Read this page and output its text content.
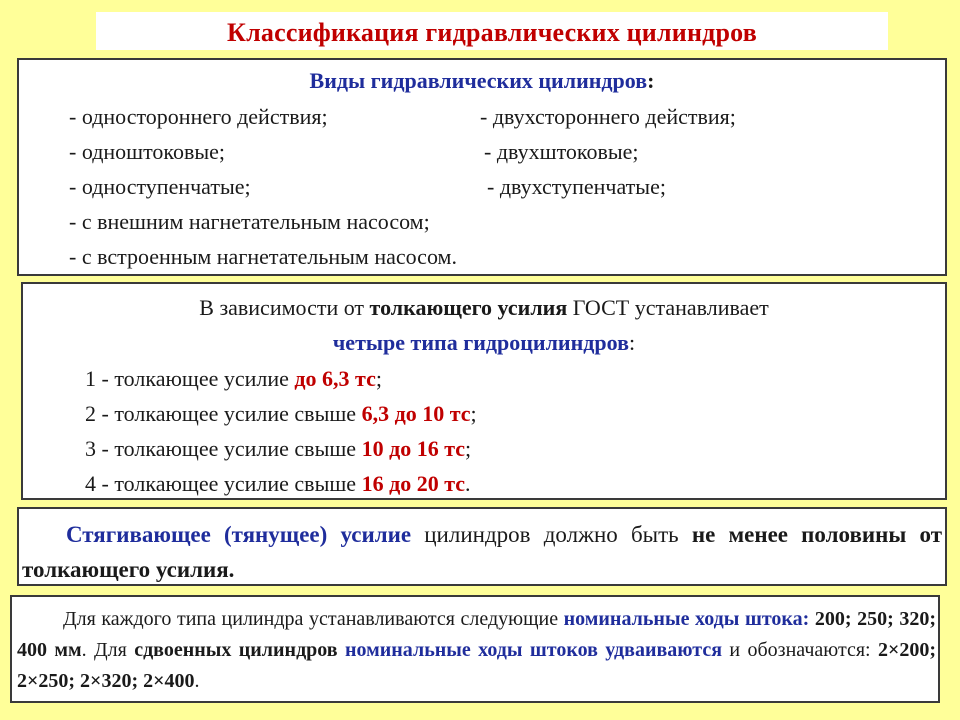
Классификация гидравлических цилиндров
Виды гидравлических цилиндров:
- одностороннего действия;	- двухстороннего действия;
- одноштоковые;	- двухштоковые;
- одноступенчатые;	- двухступенчатые;
- с внешним нагнетательным насосом;
- с встроенным нагнетательным насосом.
В зависимости от толкающего усилия ГОСТ устанавливает
четыре типа гидроцилиндров:
1 - толкающее усилие до 6,3 тс;
2 - толкающее усилие свыше 6,3 до 10 тс;
3 - толкающее усилие свыше 10 до 16 тс;
4 - толкающее усилие свыше 16 до 20 тс.
Стягивающее (тянущее) усилие цилиндров должно быть не менее половины от толкающего усилия.
Для каждого типа цилиндра устанавливаются следующие номинальные ходы штока: 200; 250; 320; 400 мм. Для сдвоенных цилиндров номинальные ходы штоков удваиваются и обозначаются: 2×200; 2×250; 2×320; 2×400.
